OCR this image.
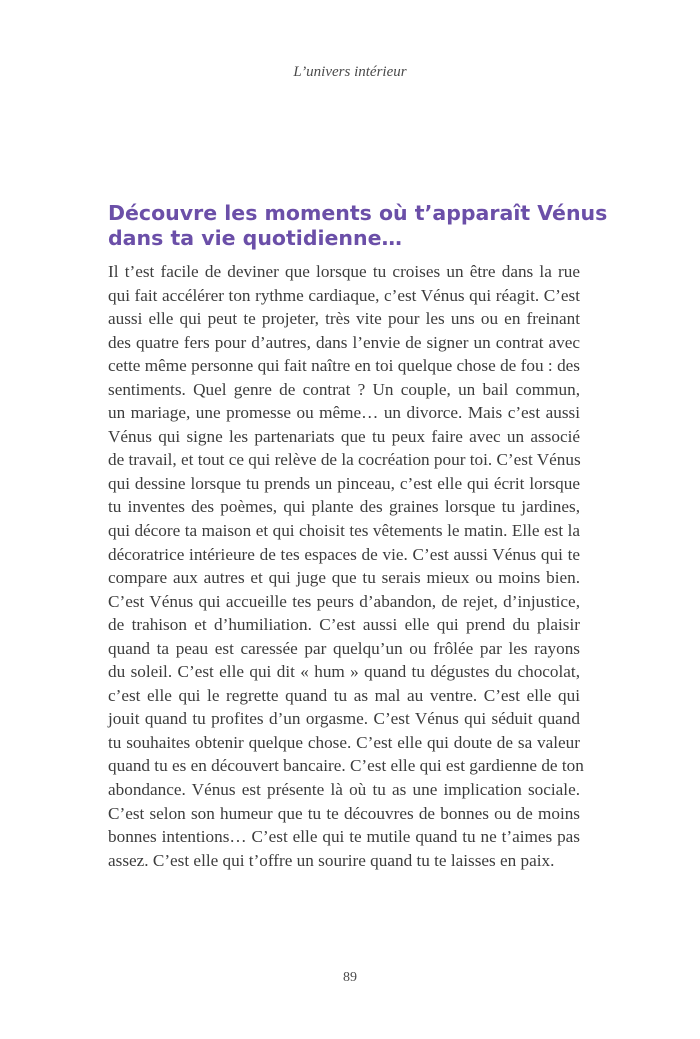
L’univers intérieur
Découvre les moments où t’apparaît Vénus
dans ta vie quotidienne…
Il t’est facile de deviner que lorsque tu croises un être dans la rue
qui fait accélérer ton rythme cardiaque, c’est Vénus qui réagit. C’est
aussi elle qui peut te projeter, très vite pour les uns ou en freinant
des quatre fers pour d’autres, dans l’envie de signer un contrat avec
cette même personne qui fait naître en toi quelque chose de fou : des
sentiments. Quel genre de contrat ? Un couple, un bail commun,
un mariage, une promesse ou même… un divorce. Mais c’est aussi
Vénus qui signe les partenariats que tu peux faire avec un associé
de travail, et tout ce qui relève de la cocréation pour toi. C’est Vénus
qui dessine lorsque tu prends un pinceau, c’est elle qui écrit lorsque
tu inventes des poèmes, qui plante des graines lorsque tu jardines,
qui décore ta maison et qui choisit tes vêtements le matin. Elle est la
décoratrice intérieure de tes espaces de vie. C’est aussi Vénus qui te
compare aux autres et qui juge que tu serais mieux ou moins bien.
C’est Vénus qui accueille tes peurs d’abandon, de rejet, d’injustice,
de trahison et d’humiliation. C’est aussi elle qui prend du plaisir
quand ta peau est caressée par quelqu’un ou frôlée par les rayons
du soleil. C’est elle qui dit « hum » quand tu dégustes du chocolat,
c’est elle qui le regrette quand tu as mal au ventre. C’est elle qui
jouit quand tu profites d’un orgasme. C’est Vénus qui séduit quand
tu souhaites obtenir quelque chose. C’est elle qui doute de sa valeur
quand tu es en découvert bancaire. C’est elle qui est gardienne de ton
abondance. Vénus est présente là où tu as une implication sociale.
C’est selon son humeur que tu te découvres de bonnes ou de moins
bonnes intentions… C’est elle qui te mutile quand tu ne t’aimes pas
assez. C’est elle qui t’offre un sourire quand tu te laisses en paix.
89
